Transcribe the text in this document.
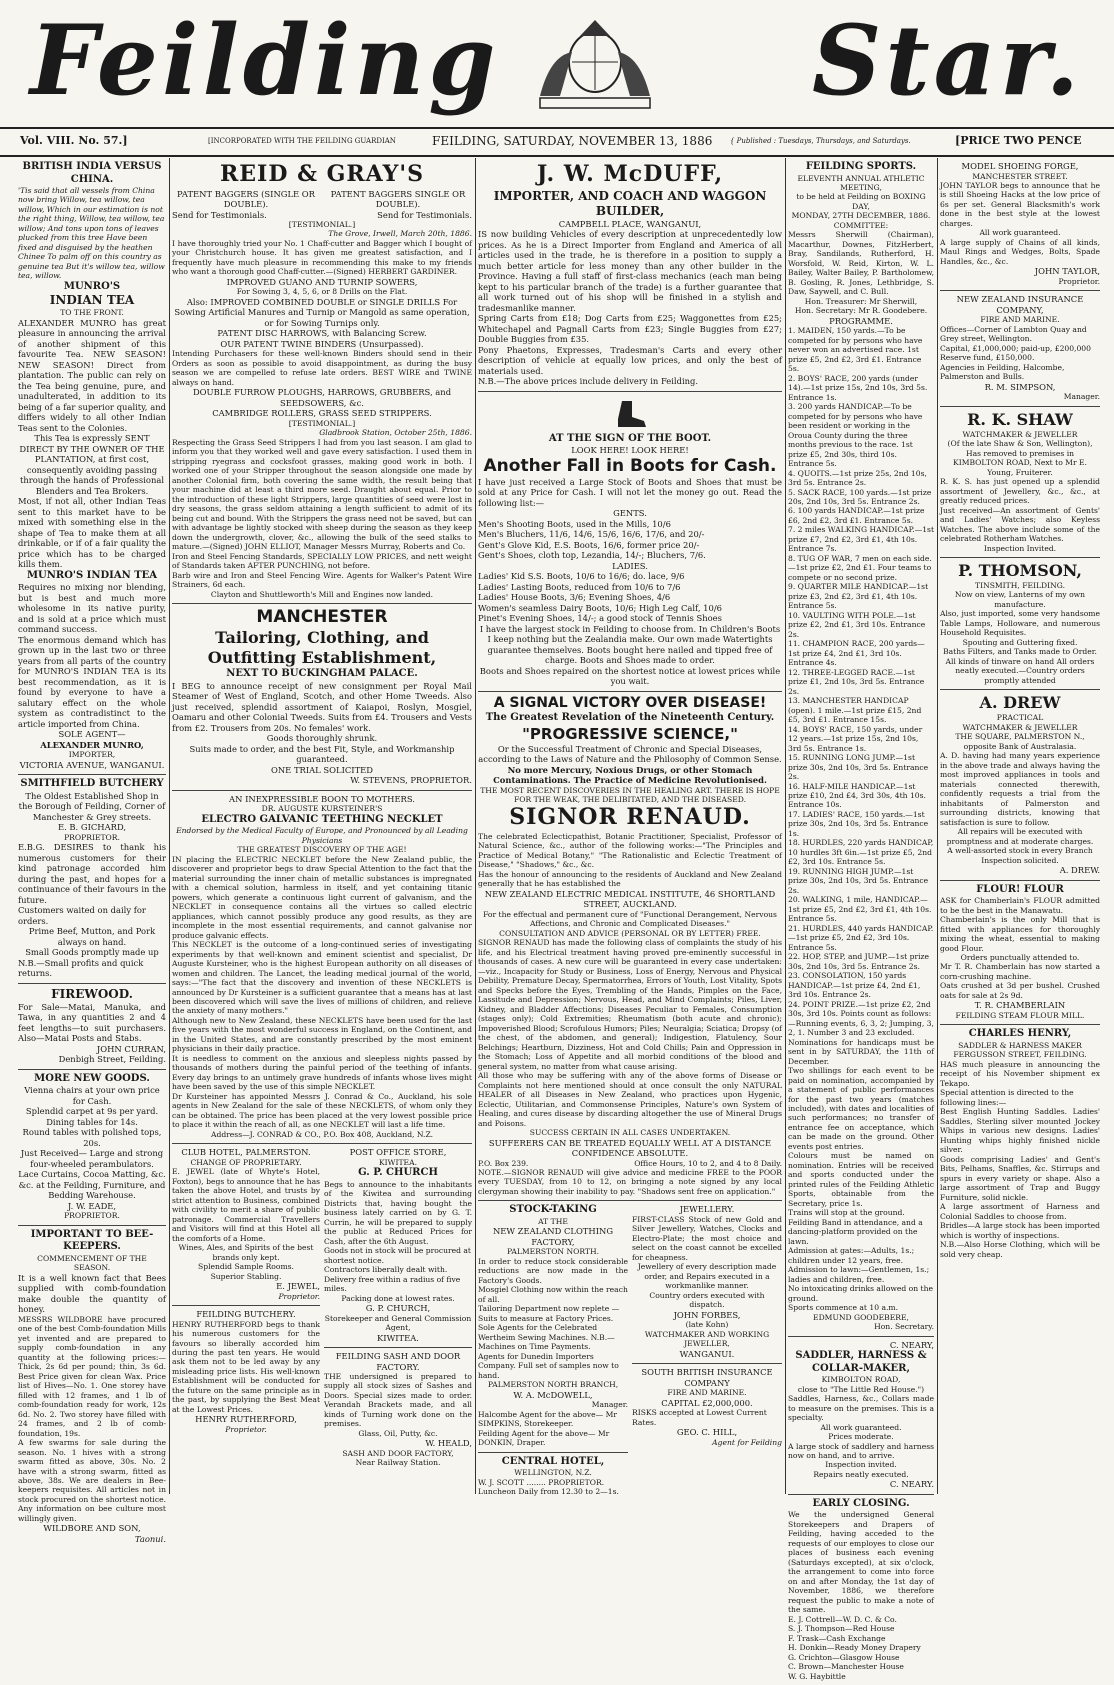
Feilding	Star.
Vol. VIII. No. 57.]	[INCORPORATED WITH THE FEILDING GUARDIAN	FEILDING, SATURDAY, NOVEMBER 13, 1886	{ Published : Tuesdays, Thursdays, and Saturdays.	[PRICE TWO PENCE
BRITISH INDIA VERSUS CHINA.

'Tis said that all vessels from China now bring Willow, tea willow, tea willow, Which in our estimation is not the right thing, Willow, tea willow, tea willow; And tons upon tons of leaves plucked from this tree Have been fixed and disguised by the heathen Chinee To palm off on this country as genuine tea But it's willow tea, willow tea, willow.

MUNRO'S
INDIAN TEA
TO THE FRONT.

ALEXANDER MUNRO has great pleasure in announcing the arrival of another shipment of this favourite Tea. NEW SEASON! NEW SEASON! Direct from plantation. The public can rely on the Tea being genuine, pure, and unadulterated, in addition to its being of a far superior quality, and differs widely to all other Indian Teas sent to the Colonies.

This Tea is expressly SENT DIRECT BY THE OWNER OF THE PLANTATION, at first cost, consequently avoiding passing through the hands of Professional Blenders and Tea Brokers.

Most, if not all, other Indian Teas sent to this market have to be mixed with something else in the shape of Tea to make them at all drinkable, or if of a fair quality the price which has to be charged kills them.

MUNRO'S INDIAN TEA

Requires no mixing nor blending, but is best and much more wholesome in its native purity, and is sold at a price which must command success.

The enormous demand which has grown up in the last two or three years from all parts of the country for MUNRO'S INDIAN TEA is its best recommendation, as it is found by everyone to have a salutary effect on the whole system as contradistinct to the article imported from China.

SOLE AGENT—
ALEXANDER MUNRO,
IMPORTER,
VICTORIA AVENUE, WANGANUI.
SMITHFIELD BUTCHERY

The Oldest Established Shop in the Borough of Feilding, Corner of Manchester & Grey streets.

E. B. GICHARD,
PROPRIETOR.

E.B.G. DESIRES to thank his numerous customers for their kind patronage accorded him during the past, and hopes for a continuance of their favours in the future.

Customers waited on daily for orders.

Prime Beef, Mutton, and Pork always on hand.

Small Goods promptly made up

N.B.—Small profits and quick returns.

FIREWOOD.

For Sale—Matai, Manuka, and Tawa, in any quantities 2 and 4 feet lengths—to suit purchasers. Also—Matai Posts and Stabs.

JOHN CURRAN,
Denbigh Street, Feilding.
MORE NEW GOODS.

Vienna chairs at your own price for Cash.

Splendid carpet at 9s per yard.

Dining tables for 14s.

Round tables with polished tops, 20s.

Just Received— Large and strong four-wheeled perambulators.

Lace Curtains, Cocoa Matting, &c. &c. at the Feilding, Furniture, and Bedding Warehouse.

J. W. EADE,
PROPRIETOR.
IMPORTANT TO BEE-KEEPERS.
COMMENCEMENT OF THE SEASON.

It is a well known fact that Bees supplied with comb-foundation make double the quantity of honey.

MESSRS WILDBORE have procured one of the best Comb-foundation Mills yet invented and are prepared to supply comb-foundation in any quantity at the following prices:—Thick, 2s 6d per pound; thin, 3s 6d. Best Price given for clean Wax. Price list of Hives—No. 1. One storey have filled with 12 frames, and 1 lb of comb-foundation ready for work, 12s 6d. No. 2. Two storey have filled with 24 frames, and 2 lb of comb-foundation, 19s.

A few swarms for sale during the season. No. 1 hives with a strong swarm fitted as above, 30s. No. 2 have with a strong swarm, fitted as above, 38s. We are dealers in Bee-keepers requisites. All articles not in stock procured on the shortest notice. Any information on bee culture most willingly given.

WILDBORE AND SON,
Taonui.
REID & GRAY'S
PATENT BAGGERS (SINGLE OR DOUBLE).
PATENT BAGGERS SINGLE OR DOUBLE).
Send for Testimonials.	Send for Testimonials.
[TESTIMONIAL.]
The Grove, Irwell, March 20th, 1886.

I have thoroughly tried your No. 1 Chaff-cutter and Bagger which I bought of your Christchurch house. It has given me greatest satisfaction, and I frequently have much pleasure in recommending this make to my friends who want a thorough good Chaff-cutter.—(Signed) HERBERT GARDINER.

IMPROVED GUANO AND TURNIP SOWERS,

For Sowing 3, 4, 5, 6, or 8 Drills on the Flat.

Also: IMPROVED COMBINED DOUBLE or SINGLE DRILLS For Sowing Artificial Manures and Turnip or Mangold as same operation, or for Sowing Turnips only.

PATENT DISC HARROWS, with Balancing Screw.

OUR PATENT TWINE BINDERS (Unsurpassed).

Intending Purchasers for these well-known Binders should send in their Orders as soon as possible to avoid disappointment, as during the busy season we are compelled to refuse late orders. BEST WIRE and TWINE always on hand.

DOUBLE FURROW PLOUGHS, HARROWS, GRUBBERS, and SEEDSOWERS, &c.

CAMBRIDGE ROLLERS, GRASS SEED STRIPPERS.

[TESTIMONIAL.]
Gladbrook Station, October 25th, 1886.

Respecting the Grass Seed Strippers I had from you last season. I am glad to inform you that they worked well and gave every satisfaction. I used them in stripping ryegrass and cocksfoot grasses, making good work in both. I worked one of your Stripper throughout the season alongside one made by another Colonial firm, both covering the same width, the result being that your machine did at least a third more seed. Draught about equal. Prior to the introduction of these light Strippers, large quantities of seed were lost in dry seasons, the grass seldom attaining a length sufficient to admit of its being cut and bound. With the Strippers the grass need not be saved, but can with advantage be lightly stocked with sheep during the season as they keep down the undergrowth, clover, &c., allowing the bulk of the seed stalks to mature.—(Signed) JOHN ELLIOT, Manager Messrs Murray, Roberts and Co.

Iron and Steel Fencing Standards, SPECIALLY LOW PRICES, and nett weight of Standards taken AFTER PUNCHING, not before.

Barb wire and Iron and Steel Fencing Wire. Agents for Walker's Patent Wire Strainers, 6d each.

Clayton and Shuttleworth's Mill and Engines now landed.

MANCHESTER
Tailoring, Clothing, and Outfitting Establishment,
NEXT TO BUCKINGHAM PALACE.

I BEG to announce receipt of new consignment per Royal Mail Steamer of West of England, Scotch, and other Home Tweeds. Also just received, splendid assortment of Kaiapoi, Roslyn, Mosgiel, Oamaru and other Colonial Tweeds. Suits from £4. Trousers and Vests from £2. Trousers from 20s. No females' work.

Goods thoroughly shrunk.

Suits made to order, and the best Fit, Style, and Workmanship guaranteed.

ONE TRIAL SOLICITED

W. STEVENS, PROPRIETOR.

AN INEXPRESSIBLE BOON TO MOTHERS.
DR. AUGUSTE KURSTEINER'S
ELECTRO GALVANIC TEETHING NECKLET
Endorsed by the Medical Faculty of Europe, and Pronounced by all Leading Physicians
THE GREATEST DISCOVERY OF THE AGE!

IN placing the ELECTRIC NECKLET before the New Zealand public, the discoverer and proprietor begs to draw Special Attention to the fact that the material surrounding the inner chain of metallic substances is impregnated with a chemical solution, harmless in itself, and yet containing titanic powers, which generate a continuous light current of galvanism, and the NECKLET in consequence contains all the virtues so called electric appliances, which cannot possibly produce any good results, as they are incomplete in the most essential requirements, and cannot galvanise nor produce galvanic effects.

This NECKLET is the outcome of a long-continued series of investigating experiments by that well-known and eminent scientist and specialist, Dr Auguste Kursteiner, who is the highest European authority on all diseases of women and children. The Lancet, the leading medical journal of the world, says:—"The fact that the discovery and invention of these NECKLETS is announced by Dr Kursteiner is a sufficient guarantee that a means has at last been discovered which will save the lives of millions of children, and relieve the anxiety of many mothers."

Although new to New Zealand, these NECKLETS have been used for the last five years with the most wonderful success in England, on the Continent, and in the United States, and are constantly prescribed by the most eminent physicians in their daily practice.

It is needless to comment on the anxious and sleepless nights passed by thousands of mothers during the painful period of the teething of infants. Every day brings to an untimely grave hundreds of infants whose lives might have been saved by the use of this simple NECKLET.

Dr Kursteiner has appointed Messrs J. Conrad & Co., Auckland, his sole agents in New Zealand for the sale of these NECKLETS, of whom only they can be obtained. The price has been placed at the very lowest possible price to place it within the reach of all, as one NECKLET will last a life time.

Address—J. CONRAD & CO., P.O. Box 408, Auckland, N.Z.

CLUB HOTEL, PALMERSTON.
CHANGE OF PROPRIETARY.

E. JEWEL (late of Whyte's Hotel, Foxton), begs to announce that he has taken the above Hotel, and trusts by strict attention to Business, combined with civility to merit a share of public patronage. Commercial Travellers and Visitors will find at this Hotel all the comforts of a Home.

Wines, Ales, and Spirits of the best brands only kept.

Splendid Sample Rooms.

Superior Stabling.

E. JEWEL,

Proprietor.

FEILDING BUTCHERY.

HENRY RUTHERFORD begs to thank his numerous customers for the favours so liberally accorded him during the past ten years. He would ask them not to be led away by any misleading price lists. His well-known Establishment will be conducted for the future on the same principle as in the past, by supplying the Best Meat at the Lowest Prices.

HENRY RUTHERFORD,

Proprietor.

POST OFFICE STORE,
KIWITEA.
G. P. CHURCH

Begs to announce to the inhabitants of the Kiwitea and surrounding Districts that, having bought the business lately carried on by G. T. Currin, he will be prepared to supply the public at Reduced Prices for Cash, after the 6th August.

Goods not in stock will be procured at shortest notice.

Contractors liberally dealt with. Delivery free within a radius of five miles.

Packing done at lowest rates.

G. P. CHURCH,

Storekeeper and General Commission Agent,

KIWITEA.

FEILDING SASH AND DOOR FACTORY.

THE undersigned is prepared to supply all stock sizes of Sashes and Doors. Special sizes made to order. Verandah Brackets made, and all kinds of Turning work done on the premises.

Glass, Oil, Putty, &c.

W. HEALD,

SASH AND DOOR FACTORY,

Near Railway Station.

J. W. McDUFF,
IMPORTER, AND COACH AND WAGGON BUILDER,
CAMPBELL PLACE, WANGANUI,

IS now building Vehicles of every description at unprecedentedly low prices. As he is a Direct Importer from England and America of all articles used in the trade, he is therefore in a position to supply a much better article for less money than any other builder in the Province. Having a full staff of first-class mechanics (each man being kept to his particular branch of the trade) is a further guarantee that all work turned out of his shop will be finished in a stylish and tradesmanlike manner.

Spring Carts from £18; Dog Carts from £25; Waggonettes from £25; Whitechapel and Pagnall Carts from £23; Single Buggies from £27; Double Buggies from £35.

Pony Phaetons, Expresses, Tradesman's Carts and every other description of vehicle at equally low prices, and only the best of materials used.

N.B.—The above prices include delivery in Feilding.

AT THE SIGN OF THE BOOT.
LOOK HERE! LOOK HERE!
Another Fall in Boots for Cash.

I have just received a Large Stock of Boots and Shoes that must be sold at any Price for Cash. I will not let the money go out. Read the following list:—

GENTS.
Men's Shooting Boots, used in the Mills, 10/6
Men's Bluchers, 11/6, 14/6, 15/6, 16/6, 17/6, and 20/-
Gent's Glove Kid, E.S. Boots, 16/6, former price 20/-
Gent's Shoes, cloth top, Lezandia, 14/-; Bluchers, 7/6.
LADIES.
Ladies' Kid S.S. Boots, 10/6 to 16/6; do. lace, 9/6
Ladies' Lasting Boots, reduced from 10/6 to 7/6
Ladies' House Boots, 3/6; Evening Shoes, 4/6
Women's seamless Dairy Boots, 10/6; High Leg Calf, 10/6
Pinet's Evening Shoes, 14/-; a good stock of Tennis Shoes

I have the largest stock in Feilding to choose from. In Children's Boots I keep nothing but the Zealandia make. Our own made Watertights guarantee themselves. Boots bought here nailed and tipped free of charge. Boots and Shoes made to order.

Boots and Shoes repaired on the shortest notice at lowest prices while you wait.

A SIGNAL VICTORY OVER DISEASE!
The Greatest Revelation of the Nineteenth Century.
"PROGRESSIVE SCIENCE,"

Or the Successful Treatment of Chronic and Special Diseases, according to the Laws of Nature and the Philosophy of Common Sense.

No more Mercury, Noxious Drugs, or other Stomach Contaminations. The Practice of Medicine Revolutionised.

THE MOST RECENT DISCOVERIES IN THE HEALING ART. THERE IS HOPE FOR THE WEAK, THE DELIBITATED, AND THE DISEASED.

SIGNOR RENAUD.

The celebrated Eclecticpathist, Botanic Practitioner, Specialist, Professor of Natural Science, &c., author of the following works:—"The Principles and Practice of Medical Botany," "The Rationalistic and Eclectic Treatment of Disease," "Shadows," &c., &c.

Has the honour of announcing to the residents of Auckland and New Zealand generally that he has established the

NEW ZEALAND ELECTRIC MEDICAL INSTITUTE, 46 SHORTLAND STREET, AUCKLAND.

For the effectual and permanent cure of "Functional Derangement, Nervous Affections, and Chronic and Complicated Diseases."

CONSULTATION AND ADVICE (PERSONAL OR BY LETTER) FREE.

SIGNOR RENAUD has made the following class of complaints the study of his life, and his Electrical treatment having proved pre-eminently successful in thousands of cases. A new cure will be guaranteed in every case undertaken:—viz., Incapacity for Study or Business, Loss of Energy, Nervous and Physical Debility, Premature Decay, Spermatorrhea, Errors of Youth, Lost Vitality, Spots and Specks before the Eyes, Trembling of the Hands, Pimples on the Face, Lassitude and Depression; Nervous, Head, and Mind Complaints; Piles, Liver, Kidney, and Bladder Affections; Diseases Peculiar to Females, Consumption (stages only); Cold Extremities; Rheumatism (both acute and chronic); Impoverished Blood; Scrofulous Humors; Piles; Neuralgia; Sciatica; Dropsy (of the chest, of the abdomen, and general); Indigestion, Flatulency, Sour Belchings; Heartburn, Dizziness, Hot and Cold Chills; Pain and Oppression in the Stomach; Loss of Appetite and all morbid conditions of the blood and general system, no matter from what cause arising.

All those who may be suffering with any of the above forms of Disease or Complaints not here mentioned should at once consult the only NATURAL HEALER of all Diseases in New Zealand, who practices upon Hygenic, Eclectic, Utilitarian, and Commonsense Principles, Nature's own System of Healing, and cures disease by discarding altogether the use of Mineral Drugs and Poisons.

SUCCESS CERTAIN IN ALL CASES UNDERTAKEN.

SUFFERERS CAN BE TREATED EQUALLY WELL AT A DISTANCE CONFIDENCE ABSOLUTE.

P.O. Box 239.	Office Hours, 10 to 2, and 4 to 8 Daily.

NOTE.—SIGNOR RENAUD will give advice and medicine FREE to the POOR every TUESDAY, from 10 to 12, on bringing a note signed by any local clergyman showing their inability to pay. "Shadows sent free on application."

STOCK-TAKING
AT THE
NEW ZEALAND CLOTHING FACTORY,
PALMERSTON NORTH.

In order to reduce stock considerable reductions are now made in the Factory's Goods.

Mosgiel Clothing now within the reach of all.

Tailoring Department now replete —Suits to measure at Factory Prices.

Sole Agents for the Celebrated Wertheim Sewing Machines. N.B.— Machines on Time Payments.

Agents for Dunedin Importers Company. Full set of samples now to hand.

PALMERSTON NORTH BRANCH,

W. A. McDOWELL,

Manager.

Halcombe Agent for the above— Mr SIMPKINS, Storekeeper.

Feilding Agent for the above— Mr DONKIN, Draper.

CENTRAL HOTEL,
WELLINGTON, N.Z.
W. J. SCOTT ........ PROPRIETOR.
Luncheon Daily from 12.30 to 2—1s.
JEWELLERY.

FIRST-CLASS Stock of new Gold and Silver Jewellery, Watches, Clocks and Electro-Plate; the most choice and select on the coast cannot be excelled for cheapness.

Jewellery of every description made order, and Repairs executed in a workmanlike manner.

Country orders executed with dispatch.

JOHN FORBES,

(late Kohn)

WATCHMAKER AND WORKING JEWELLER,

WANGANUI.

SOUTH BRITISH INSURANCE COMPANY
FIRE AND MARINE.
CAPITAL £2,000,000.

RISKS accepted at Lowest Current Rates.

GEO. C. HILL,

Agent for Feilding

FEILDING SPORTS.
ELEVENTH ANNUAL ATHLETIC MEETING,
to be held at Feilding on BOXING DAY,
MONDAY, 27TH DECEMBER, 1886.
COMMITTEE:

Messrs Sherwill (Chairman), Macarthur, Downes, FitzHerbert, Bray, Sandilands, Rutherford, H. Worsfold, W. Reid, Kirton, W. L. Bailey, Walter Bailey, P. Bartholomew, B. Gosling, R. Jones, Lethbridge, S. Daw, Saywell, and C. Bull.

Hon. Treasurer: Mr Sherwill,

Hon. Secretary: Mr R. Goodebere.

PROGRAMME.
1. MAIDEN, 150 yards.—To be competed for by persons who have never won an advertised race. 1st prize £5, 2nd £2, 3rd £1. Entrance 5s.
2. BOYS' RACE, 200 yards (under 14).—1st prize 15s, 2nd 10s, 3rd 5s. Entrance 1s.
3. 200 yards HANDICAP.—To be competed for by persons who have been resident or working in the Oroua County during the three months previous to the race. 1st prize £5, 2nd 30s, third 10s. Entrance 5s.
4. QUOITS.—1st prize 25s, 2nd 10s, 3rd 5s. Entrance 2s.
5. SACK RACE, 100 yards.—1st prize 20s, 2nd 10s, 3rd 5s. Entrance 2s.
6. 100 yards HANDICAP.—1st prize £6, 2nd £2, 3rd £1. Entrance 5s.
7. 2 miles WALKING HANDICAP.—1st prize £7, 2nd £2, 3rd £1, 4th 10s. Entrance 7s.
8. TUG OF WAR, 7 men on each side.—1st prize £2, 2nd £1. Four teams to compete or no second prize.
9. QUARTER MILE HANDICAP.—1st prize £3, 2nd £2, 3rd £1, 4th 10s. Entrance 5s.
10. VAULTING WITH POLE.—1st prize £2, 2nd £1, 3rd 10s. Entrance 2s.
11. CHAMPION RACE, 200 yards—1st prize £4, 2nd £1, 3rd 10s. Entrance 4s.
12. THREE-LEGGED RACE.—1st prize £1, 2nd 10s, 3rd 5s. Entrance 2s.
13. MANCHESTER HANDICAP (open). 1 mile.—1st prize £15, 2nd £5, 3rd £1. Entrance 15s.
14. BOYS' RACE, 150 yards, under 12 years.—1st prize 15s, 2nd 10s, 3rd 5s. Entrance 1s.
15. RUNNING LONG JUMP.—1st prize 30s, 2nd 10s, 3rd 5s. Entrance 2s.
16. HALF-MILE HANDICAP.—1st prize £10, 2nd £4, 3rd 30s, 4th 10s. Entrance 10s.
17. LADIES' RACE, 150 yards.—1st prize 30s, 2nd 10s, 3rd 5s. Entrance 1s.
18. HURDLES, 220 yards HANDICAP, 10 hurdles 3ft 6in.—1st prize £5, 2nd £2, 3rd 10s. Entrance 5s.
19. RUNNING HIGH JUMP.—1st prize 30s, 2nd 10s, 3rd 5s. Entrance 2s.
20. WALKING, 1 mile, HANDICAP.—1st prize £5, 2nd £2, 3rd £1, 4th 10s. Entrance 5s.
21. HURDLES, 440 yards HANDICAP.—1st prize £5, 2nd £2, 3rd 10s. Entrance 5s.
22. HOP, STEP, and JUMP.—1st prize 30s, 2nd 10s, 3rd 5s. Entrance 2s.
23. CONSOLATION, 150 yards HANDICAP.—1st prize £4, 2nd £1, 3rd 10s. Entrance 2s.
24. POINT PRIZE.—1st prize £2, 2nd 30s, 3rd 10s. Points count as follows:—Running events, 6, 3, 2; Jumping, 3, 2, 1. Number 3 and 23 excluded.

Nominations for handicaps must be sent in by SATURDAY, the 11th of December.

Two shillings for each event to be paid on nomination, accompanied by a statement of public performances for the past two years (matches included), with dates and localities of such performances; no transfer of entrance fee on acceptance, which can be made on the ground. Other events post entries.

Colours must be named on nomination. Entries will be received and sports conducted under the printed rules of the Feilding Athletic Sports, obtainable from the Secretary, price 1s.

Trains will stop at the ground.

Feilding Band in attendance, and a dancing-platform provided on the lawn.

Admission at gates:—Adults, 1s.; children under 12 years, free. Admission to lawn:—Gentlemen, 1s.; ladies and children, free.

No intoxicating drinks allowed on the ground.

Sports commence at 10 a.m.

EDMUND GOODEBERE,

Hon. Secretary.

C. NEARY,
SADDLER, HARNESS & COLLAR-MAKER,
KIMBOLTON ROAD,
close to "The Little Red House.")

Saddles, Harness, &c., Collars made to measure on the premises. This is a specialty.

All work guaranteed.

Prices moderate.

A large stock of saddlery and harness now on hand, and to arrive.

Inspection invited.

Repairs neatly executed.

C. NEARY.

EARLY CLOSING.

We the undersigned General Storekeepers and Drapers of Feilding, having acceded to the requests of our employes to close our places of business each evening (Saturdays excepted), at six o'clock, the arrangement to come into force on and after Monday, the 1st day of November, 1886, we therefore request the public to make a note of the same.

E. J. Cottrell—W. D. C. & Co.
S. J. Thompson—Red House
F. Trask—Cash Exchange
H. Donkin—Ready Money Drapery
G. Crichton—Glasgow House
C. Brown—Manchester House
W. G. Haybittle
MODEL SHOEING FORGE,
MANCHESTER STREET.

JOHN TAYLOR begs to announce that he is still Shoeing Hacks at the low price of 6s per set. General Blacksmith's work done in the best style at the lowest charges.

All work guaranteed.

A large supply of Chains of all kinds, Maul Rings and Wedges, Bolts, Spade Handles, &c., &c.

JOHN TAYLOR,

Proprietor.

NEW ZEALAND INSURANCE COMPANY,
FIRE AND MARINE.

Offices—Corner of Lambton Quay and Grey street, Wellington.

Capital, £1,000,000; paid-up, £200,000 Reserve fund, £150,000.

Agencies in Feilding, Halcombe, Palmerston and Bulls.

R. M. SIMPSON,

Manager.

R. K. SHAW
WATCHMAKER & JEWELLER
(Of the late Shaw & Son, Wellington),

Has removed to premises in KIMBOLTON ROAD, Next to Mr E. Young, Fruiterer.

R. K. S. has just opened up a splendid assortment of Jewellery, &c., &c., at greatly reduced prices.

Just received—An assortment of Gents' and Ladies' Watches; also Keyless Watches. The above include some of the celebrated Rotherham Watches.

Inspection Invited.

P. THOMSON,
TINSMITH, FEILDING.

Now on view, Lanterns of my own manufacture.

Also, just imported, some very handsome Table Lamps, Holloware, and numerous Household Requisites.

Spouting and Guttering fixed.

Baths Filters, and Tanks made to Order.

All kinds of tinware on hand All orders neatly executed.—Country orders promptly attended

A. DREW
PRACTICAL
WATCHMAKER & JEWELLER
THE SQUARE, PALMERSTON N., opposite Bank of Australasia.

A. D. having had many years experience in the above trade and always having the most improved appliances in tools and materials connected therewith, confidently requests a trial from the inhabitants of Palmerston and surrounding districts, knowing that satisfaction is sure to follow.

All repairs will be executed with promptness and at moderate charges.

A well-assorted stock in every Branch

Inspection solicited.

A. DREW.

FLOUR! FLOUR

ASK for Chamberlain's FLOUR admitted to be the best in the Manawatu.

Chamberlain's is the only Mill that is fitted with appliances for thoroughly mixing the wheat, essential to making good Flour.

Orders punctually attended to.

Mr T. R. Chamberlain has now started a corn-crushing machine.

Oats crushed at 3d per bushel. Crushed oats for sale at 2s 9d.

T. R. CHAMBERLAIN

FEILDING STEAM FLOUR MILL.

CHARLES HENRY,
SADDLER & HARNESS MAKER
FERGUSSON STREET, FEILDING.

HAS much pleasure in announcing the receipt of his November shipment ex Tekapo.

Special attention is directed to the following lines:—

Best English Hunting Saddles. Ladies' Saddles, Sterling silver mounted Jockey Whips in various new designs. Ladies' Hunting whips highly finished nickle silver.

Goods comprising Ladies' and Gent's Bits, Pelhams, Snaffles, &c. Stirrups and spurs in every variety or shape. Also a large assortment of Trap and Buggy Furniture, solid nickle.

A large assortment of Harness and Colonial Saddles to choose from.

Bridles—A large stock has been imported which is worthy of inspections.

N.B.—Also Horse Clothing, which will be sold very cheap.
